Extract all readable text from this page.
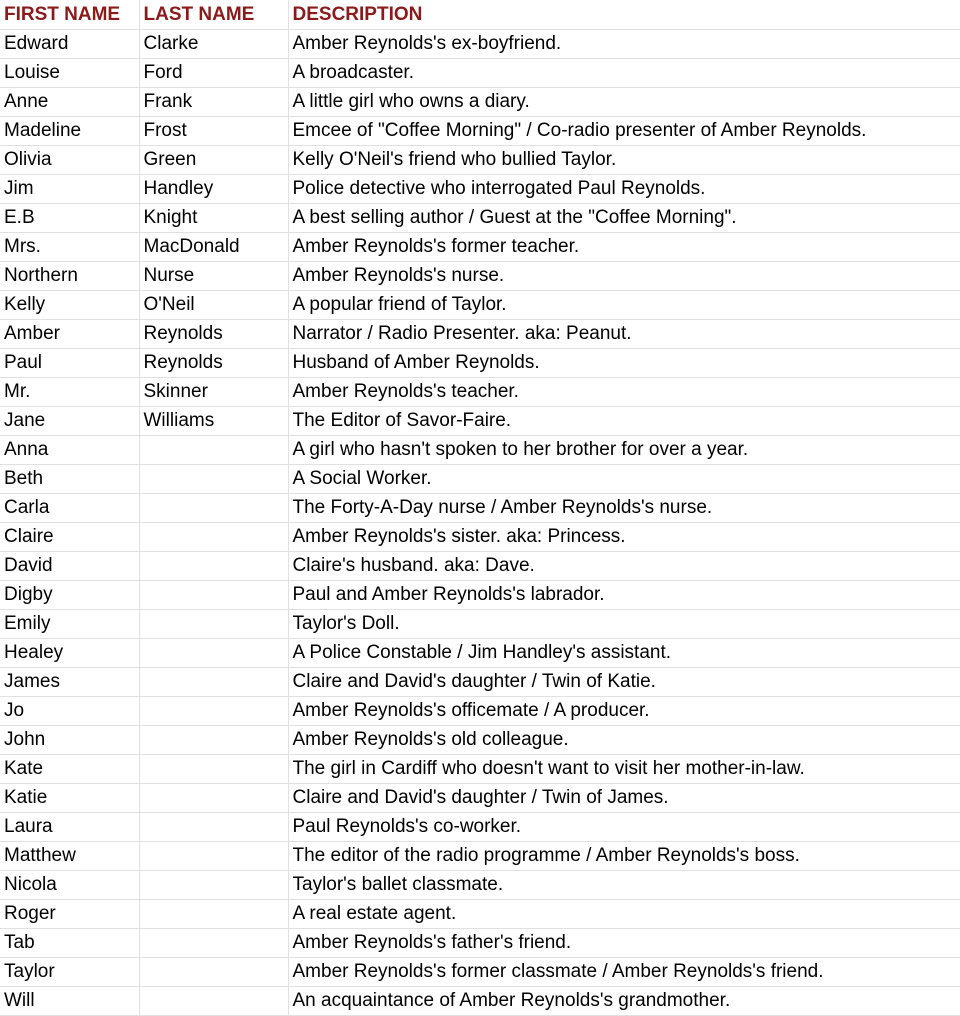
FIRST NAME	LAST NAME	DESCRIPTION
Edward	Clarke	Amber Reynolds's ex-boyfriend.
Louise	Ford	A broadcaster.
Anne	Frank	A little girl who owns a diary.
Madeline	Frost	Emcee of "Coffee Morning" / Co-radio presenter of Amber Reynolds.
Olivia	Green	Kelly O'Neil's friend who bullied Taylor.
Jim	Handley	Police detective who interrogated Paul Reynolds.
E.B	Knight	A best selling author / Guest at the "Coffee Morning".
Mrs.	MacDonald	Amber Reynolds's former teacher.
Northern	Nurse	Amber Reynolds's nurse.
Kelly	O'Neil	A popular friend of Taylor.
Amber	Reynolds	Narrator / Radio Presenter. aka: Peanut.
Paul	Reynolds	Husband of Amber Reynolds.
Mr.	Skinner	Amber Reynolds's teacher.
Jane	Williams	The Editor of Savor-Faire.
Anna		A girl who hasn't spoken to her brother for over a year.
Beth		A Social Worker.
Carla		The Forty-A-Day nurse / Amber Reynolds's nurse.
Claire		Amber Reynolds's sister. aka: Princess.
David		Claire's husband. aka: Dave.
Digby		Paul and Amber Reynolds's labrador.
Emily		Taylor's Doll.
Healey		A Police Constable / Jim Handley's assistant.
James		Claire and David's daughter / Twin of Katie.
Jo		Amber Reynolds's officemate / A producer.
John		Amber Reynolds's old colleague.
Kate		The girl in Cardiff who doesn't want to visit her mother-in-law.
Katie		Claire and David's daughter / Twin of James.
Laura		Paul Reynolds's co-worker.
Matthew		The editor of the radio programme / Amber Reynolds's boss.
Nicola		Taylor's ballet classmate.
Roger		A real estate agent.
Tab		Amber Reynolds's father's friend.
Taylor		Amber Reynolds's former classmate / Amber Reynolds's friend.
Will		An acquaintance of Amber Reynolds's grandmother.
